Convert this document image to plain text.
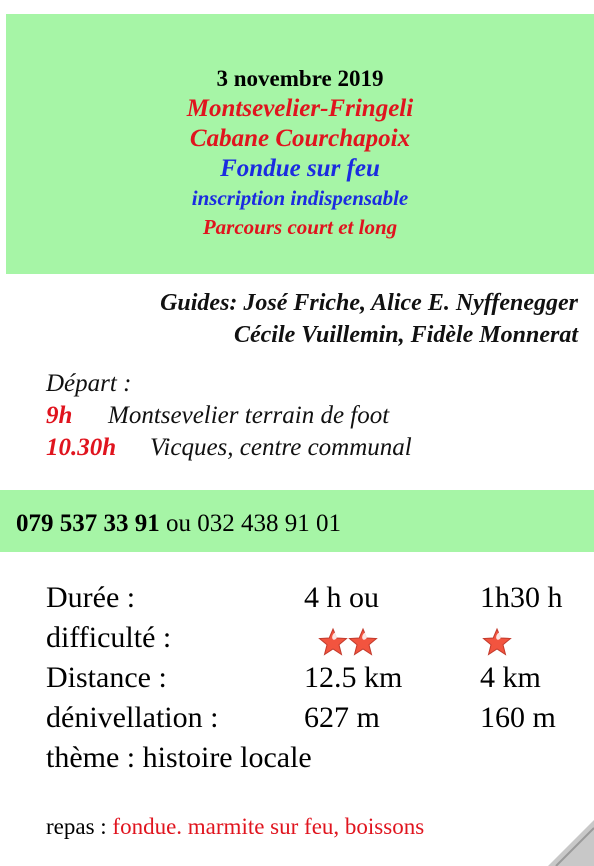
3 novembre 2019
Montsevelier-Fringeli
Cabane Courchapoix
Fondue sur feu
inscription indispensable
Parcours court et long
Guides: José Friche, Alice E. Nyffenegger
Cécile Vuillemin, Fidèle Monnerat
Départ :
9h Montsevelier terrain de foot
10.30h Vicques, centre communal
079 537 33 91 ou 032 438 91 01
Durée :	4 h ou	1h30 h
difficulté :
Distance :	12.5 km	4 km
dénivellation :	627 m	160 m
thème : histoire locale
repas : fondue. marmite sur feu, boissons
